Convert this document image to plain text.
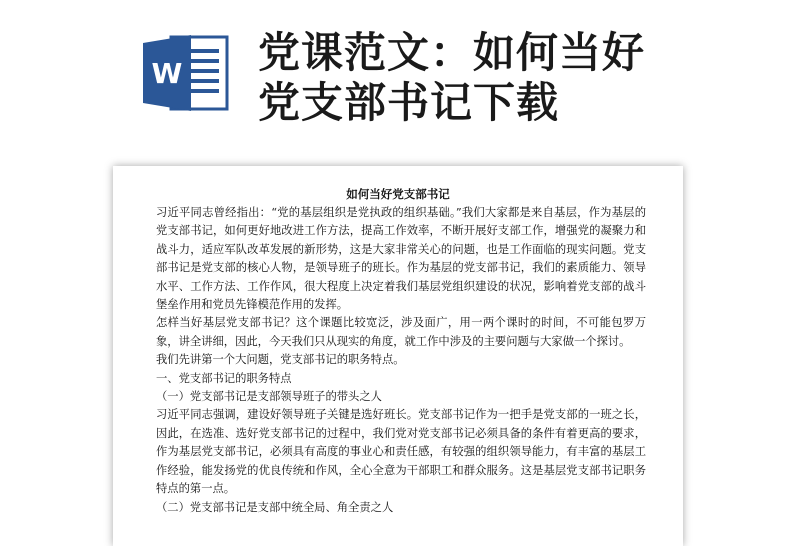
W 党课范文：如何当好
党支部书记下载
如何当好党支部书记

习近平同志曾经指出：“党的基层组织是党执政的组织基础。”我们大家都是来自基层，作为基层的党支部书记，如何更好地改进工作方法，提高工作效率，不断开展好支部工作，增强党的凝聚力和战斗力，适应军队改革发展的新形势，这是大家非常关心的问题，也是工作面临的现实问题。党支部书记是党支部的核心人物，是领导班子的班长。作为基层的党支部书记，我们的素质能力、领导水平、工作方法、工作作风，很大程度上决定着我们基层党组织建设的状况，影响着党支部的战斗堡垒作用和党员先锋模范作用的发挥。

怎样当好基层党支部书记？这个课题比较宽泛，涉及面广，用一两个课时的时间，不可能包罗万象，讲全讲细，因此，今天我们只从现实的角度，就工作中涉及的主要问题与大家做一个探讨。

我们先讲第一个大问题，党支部书记的职务特点。

一、党支部书记的职务特点

（一）党支部书记是支部领导班子的带头之人

习近平同志强调，建设好领导班子关键是选好班长。党支部书记作为一把手是党支部的一班之长，因此，在选准、选好党支部书记的过程中，我们党对党支部书记必须具备的条件有着更高的要求，作为基层党支部书记，必须具有高度的事业心和责任感，有较强的组织领导能力，有丰富的基层工作经验，能发扬党的优良传统和作风，全心全意为干部职工和群众服务。这是基层党支部书记职务特点的第一点。

（二）党支部书记是支部中统全局、角全责之人
